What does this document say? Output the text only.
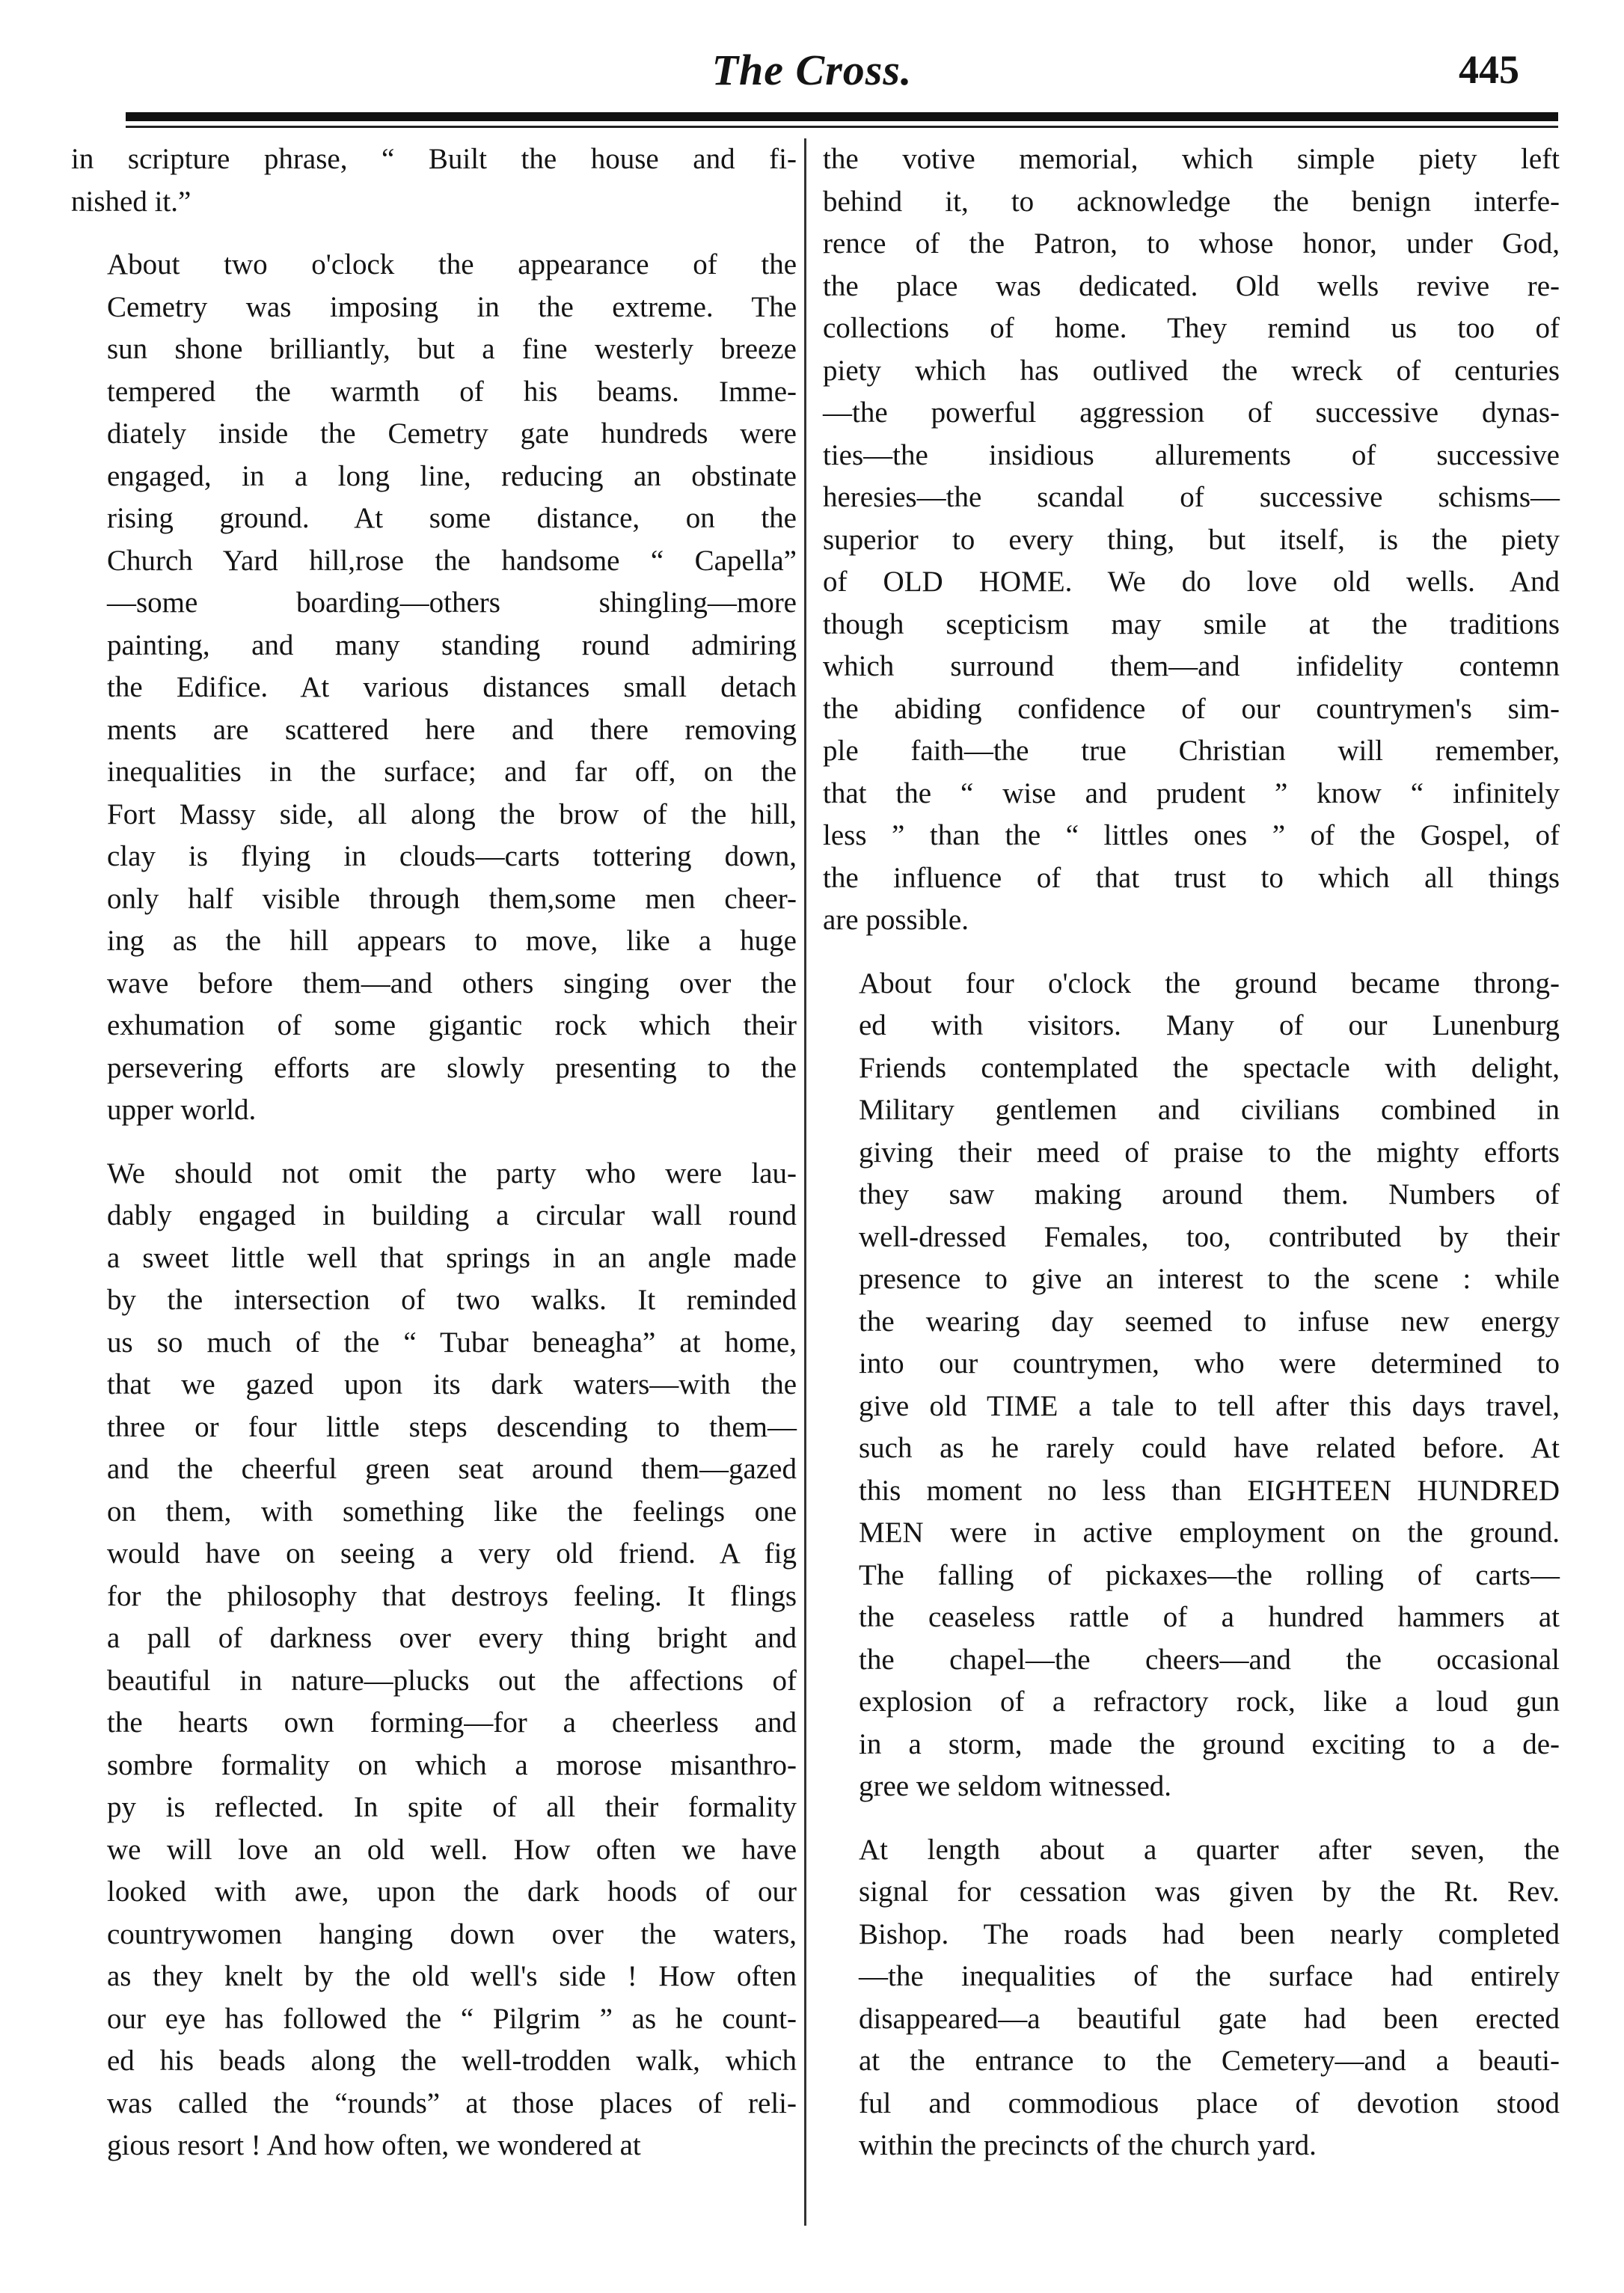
The Cross.	445
in scripture phrase, “ Built the house and fi-
nished it.”
About two o'clock the appearance of the
Cemetry was imposing in the extreme. The
sun shone brilliantly, but a fine westerly breeze
tempered the warmth of his beams. Imme-
diately inside the Cemetry gate hundreds were
engaged, in a long line, reducing an obstinate
rising ground. At some distance, on the
Church Yard hill,rose the handsome “ Capella”
—some boarding—others shingling—more
painting, and many standing round admiring
the Edifice. At various distances small detach
ments are scattered here and there removing
inequalities in the surface; and far off, on the
Fort Massy side, all along the brow of the hill,
clay is flying in clouds—carts tottering down,
only half visible through them,some men cheer-
ing as the hill appears to move, like a huge
wave before them—and others singing over the
exhumation of some gigantic rock which their
persevering efforts are slowly presenting to the
upper world.
We should not omit the party who were lau-
dably engaged in building a circular wall round
a sweet little well that springs in an angle made
by the intersection of two walks. It reminded
us so much of the “ Tubar beneagha” at home,
that we gazed upon its dark waters—with the
three or four little steps descending to them—
and the cheerful green seat around them—gazed
on them, with something like the feelings one
would have on seeing a very old friend. A fig
for the philosophy that destroys feeling. It flings
a pall of darkness over every thing bright and
beautiful in nature—plucks out the affections of
the hearts own forming—for a cheerless and
sombre formality on which a morose misanthro-
py is reflected. In spite of all their formality
we will love an old well. How often we have
looked with awe, upon the dark hoods of our
countrywomen hanging down over the waters,
as they knelt by the old well's side ! How often
our eye has followed the “ Pilgrim ” as he count-
ed his beads along the well-trodden walk, which
was called the “rounds” at those places of reli-
gious resort ! And how often, we wondered at
the votive memorial, which simple piety left
behind it, to acknowledge the benign interfe-
rence of the Patron, to whose honor, under God,
the place was dedicated. Old wells revive re-
collections of home. They remind us too of
piety which has outlived the wreck of centuries
—the powerful aggression of successive dynas-
ties—the insidious allurements of successive
heresies—the scandal of successive schisms—
superior to every thing, but itself, is the piety
of OLD HOME. We do love old wells. And
though scepticism may smile at the traditions
which surround them—and infidelity contemn
the abiding confidence of our countrymen's sim-
ple faith—the true Christian will remember,
that the “ wise and prudent ” know “ infinitely
less ” than the “ littles ones ” of the Gospel, of
the influence of that trust to which all things
are possible.
About four o'clock the ground became throng-
ed with visitors. Many of our Lunenburg
Friends contemplated the spectacle with delight,
Military gentlemen and civilians combined in
giving their meed of praise to the mighty efforts
they saw making around them. Numbers of
well-dressed Females, too, contributed by their
presence to give an interest to the scene : while
the wearing day seemed to infuse new energy
into our countrymen, who were determined to
give old TIME a tale to tell after this days travel,
such as he rarely could have related before. At
this moment no less than EIGHTEEN HUNDRED
MEN were in active employment on the ground.
The falling of pickaxes—the rolling of carts—
the ceaseless rattle of a hundred hammers at
the chapel—the cheers—and the occasional
explosion of a refractory rock, like a loud gun
in a storm, made the ground exciting to a de-
gree we seldom witnessed.
At length about a quarter after seven, the
signal for cessation was given by the Rt. Rev.
Bishop. The roads had been nearly completed
—the inequalities of the surface had entirely
disappeared—a beautiful gate had been erected
at the entrance to the Cemetery—and a beauti-
ful and commodious place of devotion stood
within the precincts of the church yard.
